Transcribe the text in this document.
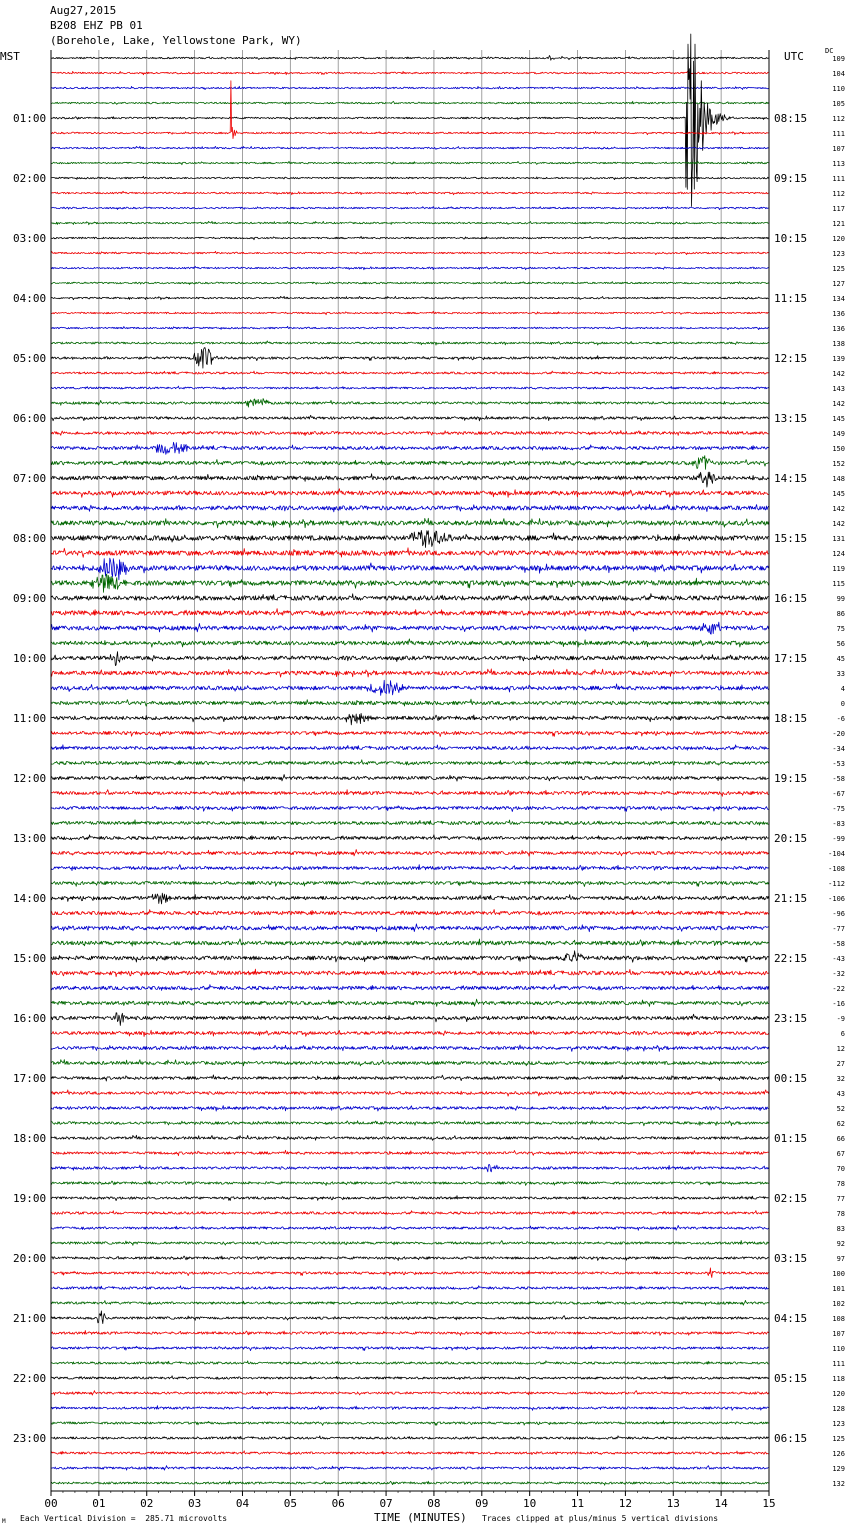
Aug27,2015
B208 EHZ PB 01
(Borehole, Lake, Yellowstone Park, WY)
MST	UTC	DC
00	01	02	03	04	05	06	07	08	09	10	11	12	13	14	15
01:00
02:00
03:00
04:00
05:00
06:00
07:00
08:00
09:00
10:00
11:00
12:00
13:00
14:00
15:00
16:00
17:00
18:00
19:00
20:00
21:00
22:00
23:00
08:15
09:15
10:15
11:15
12:15
13:15
14:15
15:15
16:15
17:15
18:15
19:15
20:15
21:15
22:15
23:15
00:15
01:15
02:15
03:15
04:15
05:15
06:15
109
104
110
105
112
111
107
113
111
112
117
121
120
123
125
127
134
136
136
138
139
142
143
142
145
149
150
152
148
145
142
142
131
124
119
115
99
86
75
56
45
33
4
0
-6
-20
-34
-53
-58
-67
-75
-83
-99
-104
-108
-112
-106
-96
-77
-58
-43
-32
-22
-16
-9
6
12
27
32
43
52
62
66
67
70
78
77
78
83
92
97
100
101
102
108
107
110
111
118
120
128
123
125
126
129
132
M Each Vertical Division =  285.71 microvolts	TIME (MINUTES) Traces clipped at plus/minus 5 vertical divisions
